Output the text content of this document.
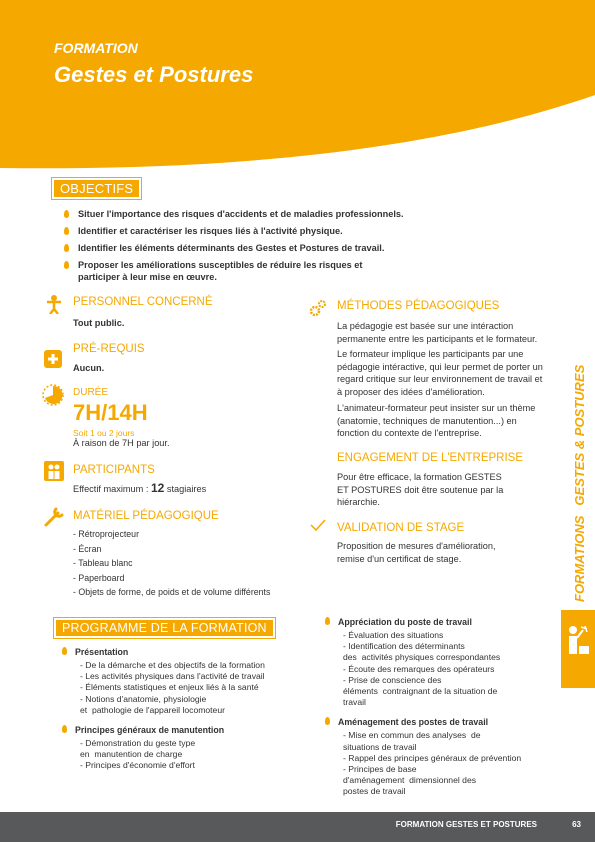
FORMATION
Gestes et Postures
OBJECTIFS
Situer l'importance des risques d'accidents et de maladies professionnels.
Identifier et caractériser les risques liés à l'activité physique.
Identifier les éléments déterminants des Gestes et Postures de travail.
Proposer les améliorations susceptibles de réduire les risques et participer à leur mise en œuvre.
PERSONNEL CONCERNÉ
Tout public.
PRÉ-REQUIS
Aucun.
DURÉE
7H/14H
Soit 1 ou 2 jours
À raison de 7H par jour.
PARTICIPANTS
Effectif maximum : 12 stagiaires
MATÉRIEL PÉDAGOGIQUE
- Rétroprojecteur
- Écran
- Tableau blanc
- Paperboard
- Objets de forme, de poids et de volume différents
MÉTHODES PÉDAGOGIQUES
La pédagogie est basée sur une intéraction permanente entre les participants et le formateur.
Le formateur implique les participants par une pédagogie intéractive, qui leur permet de porter un regard critique sur leur environnement de travail et à proposer des idées d'amélioration.
L'animateur-formateur peut insister sur un thème (anatomie, techniques de manutention...) en fonction du contexte de l'entreprise.
ENGAGEMENT DE L'ENTREPRISE
Pour être efficace, la formation GESTES ET POSTURES doit être soutenue par la hiérarchie.
VALIDATION DE STAGE
Proposition de mesures d'amélioration, remise d'un certificat de stage.
PROGRAMME DE LA FORMATION
Présentation
- De la démarche et des objectifs de la formation
- Les activités physiques dans l'activité de travail
- Éléments statistiques et enjeux liés à la santé
- Notions d'anatomie, physiologie et  pathologie de l'appareil locomoteur
Principes généraux de manutention
- Démonstration du geste type en  manutention de charge
- Principes d'économie d'effort
Appréciation du poste de travail
- Évaluation des situations
- Identification des déterminants des  activités physiques correspondantes
- Écoute des remarques des opérateurs
- Prise de conscience des éléments  contraignant de la situation de travail
Aménagement des postes de travail
- Mise en commun des analyses  de situations de travail
- Rappel des principes généraux de prévention
- Principes de base d'aménagement  dimensionnel des postes de travail
FORMATIONSGESTES & POSTURES
FORMATION GESTES ET POSTURES	63
